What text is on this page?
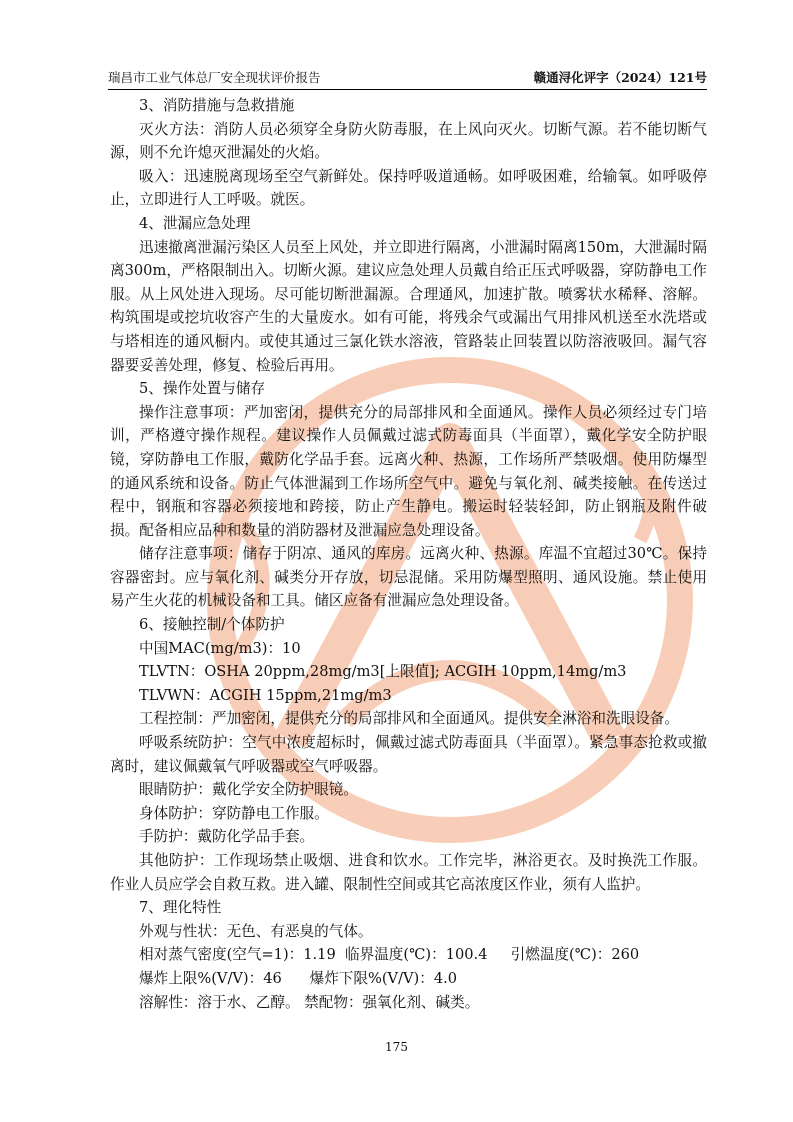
瑞昌市工业气体总厂安全现状评价报告	赣通浔化评字（2024）121号

3、消防措施与急救措施

灭火方法：消防人员必须穿全身防火防毒服，在上风向灭火。切断气源。若不能切断气源，则不允许熄灭泄漏处的火焰。

吸入：迅速脱离现场至空气新鲜处。保持呼吸道通畅。如呼吸困难，给输氧。如呼吸停止，立即进行人工呼吸。就医。

4、泄漏应急处理

迅速撤离泄漏污染区人员至上风处，并立即进行隔离，小泄漏时隔离150m，大泄漏时隔离300m，严格限制出入。切断火源。建议应急处理人员戴自给正压式呼吸器，穿防静电工作服。从上风处进入现场。尽可能切断泄漏源。合理通风，加速扩散。喷雾状水稀释、溶解。构筑围堤或挖坑收容产生的大量废水。如有可能，将残余气或漏出气用排风机送至水洗塔或与塔相连的通风橱内。或使其通过三氯化铁水溶液，管路装止回装置以防溶液吸回。漏气容器要妥善处理，修复、检验后再用。

5、操作处置与储存

操作注意事项：严加密闭，提供充分的局部排风和全面通风。操作人员必须经过专门培训，严格遵守操作规程。建议操作人员佩戴过滤式防毒面具（半面罩），戴化学安全防护眼镜，穿防静电工作服，戴防化学品手套。远离火种、热源，工作场所严禁吸烟。使用防爆型的通风系统和设备。防止气体泄漏到工作场所空气中。避免与氧化剂、碱类接触。在传送过程中，钢瓶和容器必须接地和跨接，防止产生静电。搬运时轻装轻卸，防止钢瓶及附件破损。配备相应品种和数量的消防器材及泄漏应急处理设备。

储存注意事项：储存于阴凉、通风的库房。远离火种、热源。库温不宜超过30℃。保持容器密封。应与氧化剂、碱类分开存放，切忌混储。采用防爆型照明、通风设施。禁止使用易产生火花的机械设备和工具。储区应备有泄漏应急处理设备。

6、接触控制/个体防护

中国MAC(mg/m3)：10

TLVTN：OSHA 20ppm,28mg/m3[上限值]; ACGIH 10ppm,14mg/m3

TLVWN：ACGIH 15ppm,21mg/m3

工程控制：严加密闭，提供充分的局部排风和全面通风。提供安全淋浴和洗眼设备。

呼吸系统防护：空气中浓度超标时，佩戴过滤式防毒面具（半面罩）。紧急事态抢救或撤离时，建议佩戴氧气呼吸器或空气呼吸器。

眼睛防护：戴化学安全防护眼镜。

身体防护：穿防静电工作服。

手防护：戴防化学品手套。

其他防护：工作现场禁止吸烟、进食和饮水。工作完毕，淋浴更衣。及时换洗工作服。作业人员应学会自救互救。进入罐、限制性空间或其它高浓度区作业，须有人监护。

7、理化特性

外观与性状：无色、有恶臭的气体。

相对蒸气密度(空气=1)：1.19  临界温度(℃)：100.4     引燃温度(℃)：260

爆炸上限%(V/V)：46      爆炸下限%(V/V)：4.0

溶解性：溶于水、乙醇。 禁配物：强氧化剂、碱类。

175
